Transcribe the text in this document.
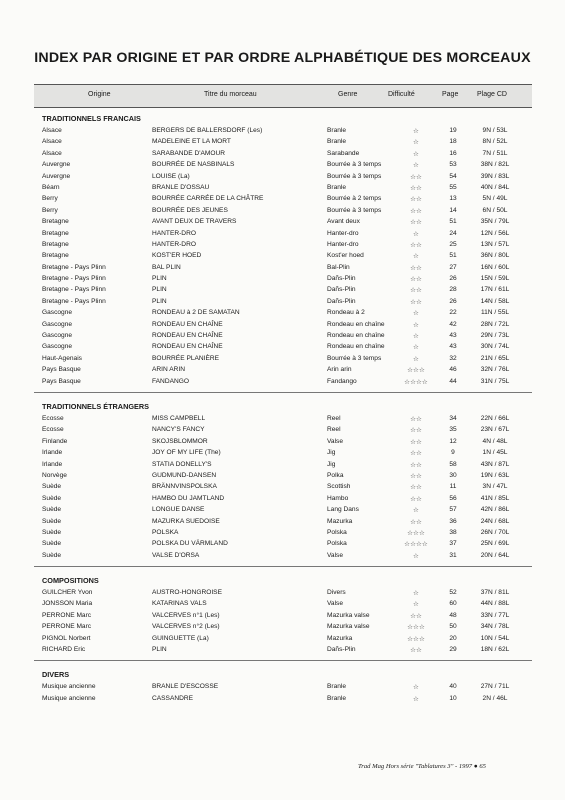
INDEX PAR ORIGINE ET PAR ORDRE ALPHABÉTIQUE DES MORCEAUX
Origine	Titre du morceau	Genre	Difficulté	Page	Plage CD
TRADITIONNELS FRANCAIS
Alsace	BERGERS DE BALLERSDORF (Les)	Branle	☆	19	9N / 53L
Alsace	MADELEINE ET LA MORT	Branle	☆	18	8N / 52L
Alsace	SARABANDE D'AMOUR	Sarabande	☆	16	7N / 51L
Auvergne	BOURRÉE DE NASBINALS	Bourrée à 3 temps	☆	53	38N / 82L
Auvergne	LOUISE (La)	Bourrée à 3 temps	☆☆	54	39N / 83L
Béarn	BRANLE D'OSSAU	Branle	☆☆	55	40N / 84L
Berry	BOURRÉE CARRÉE DE LA CHÂTRE	Bourrée à 2 temps	☆☆	13	5N / 49L
Berry	BOURRÉE DES JEUNES	Bourrée à 3 temps	☆☆	14	6N / 50L
Bretagne	AVANT DEUX DE TRAVERS	Avant deux	☆☆	51	35N / 79L
Bretagne	HANTER-DRO	Hanter-dro	☆	24	12N / 56L
Bretagne	HANTER-DRO	Hanter-dro	☆☆	25	13N / 57L
Bretagne	KOST'ER HOED	Kost'er hoed	☆	51	36N / 80L
Bretagne - Pays Plinn	BAL PLIN	Bal-Plin	☆☆	27	16N / 60L
Bretagne - Pays Plinn	PLIN	Dañs-Plin	☆☆	26	15N / 59L
Bretagne - Pays Plinn	PLIN	Dañs-Plin	☆☆	28	17N / 61L
Bretagne - Pays Plinn	PLIN	Dañs-Plin	☆☆	26	14N / 58L
Gascogne	RONDEAU à 2 DE SAMATAN	Rondeau à 2	☆	22	11N / 55L
Gascogne	RONDEAU EN CHAÎNE	Rondeau en chaîne	☆	42	28N / 72L
Gascogne	RONDEAU EN CHAÎNE	Rondeau en chaîne	☆	43	29N / 73L
Gascogne	RONDEAU EN CHAÎNE	Rondeau en chaîne	☆	43	30N / 74L
Haut-Agenais	BOURRÉE PLANIÈRE	Bourrée à 3 temps	☆	32	21N / 65L
Pays Basque	ARIN ARIN	Arin arin	☆☆☆	46	32N / 76L
Pays Basque	FANDANGO	Fandango	☆☆☆☆	44	31N / 75L
TRADITIONNELS ÉTRANGERS
Ecosse	MISS CAMPBELL	Reel	☆☆	34	22N / 66L
Ecosse	NANCY'S FANCY	Reel	☆☆	35	23N / 67L
Finlande	SKOJSBLOMMOR	Valse	☆☆	12	4N / 48L
Irlande	JOY OF MY LIFE (The)	Jig	☆☆	9	1N / 45L
Irlande	STATIA DONELLY'S	Jig	☆☆	58	43N / 87L
Norvège	GUDMUND-DANSEN	Polka	☆☆	30	19N / 63L
Suède	BRÄNNVINSPOLSKA	Scottish	☆☆	11	3N / 47L
Suède	HAMBO DU JAMTLAND	Hambo	☆☆	56	41N / 85L
Suède	LONGUE DANSE	Lang Dans	☆	57	42N / 86L
Suède	MAZURKA SUEDOISE	Mazurka	☆☆	36	24N / 68L
Suède	POLSKA	Polska	☆☆☆	38	26N / 70L
Suède	POLSKA DU VÄRMLAND	Polska	☆☆☆☆	37	25N / 69L
Suède	VALSE D'ORSA	Valse	☆	31	20N / 64L
COMPOSITIONS
GUILCHER Yvon	AUSTRO-HONGROISE	Divers	☆	52	37N / 81L
JONSSON Maria	KATARINAS VALS	Valse	☆	60	44N / 88L
PERRONE Marc	VALCERVES n°1 (Les)	Mazurka valse	☆☆	48	33N / 77L
PERRONE Marc	VALCERVES n°2 (Les)	Mazurka valse	☆☆☆	50	34N / 78L
PIGNOL Norbert	GUINGUETTE (La)	Mazurka	☆☆☆	20	10N / 54L
RICHARD Eric	PLIN	Dañs-Plin	☆☆	29	18N / 62L
DIVERS
Musique ancienne	BRANLE D'ESCOSSE	Branle	☆	40	27N / 71L
Musique ancienne	CASSANDRE	Branle	☆	10	2N / 46L
Trad Mag Hors série "Tablatures 3" - 1997 ● 65
